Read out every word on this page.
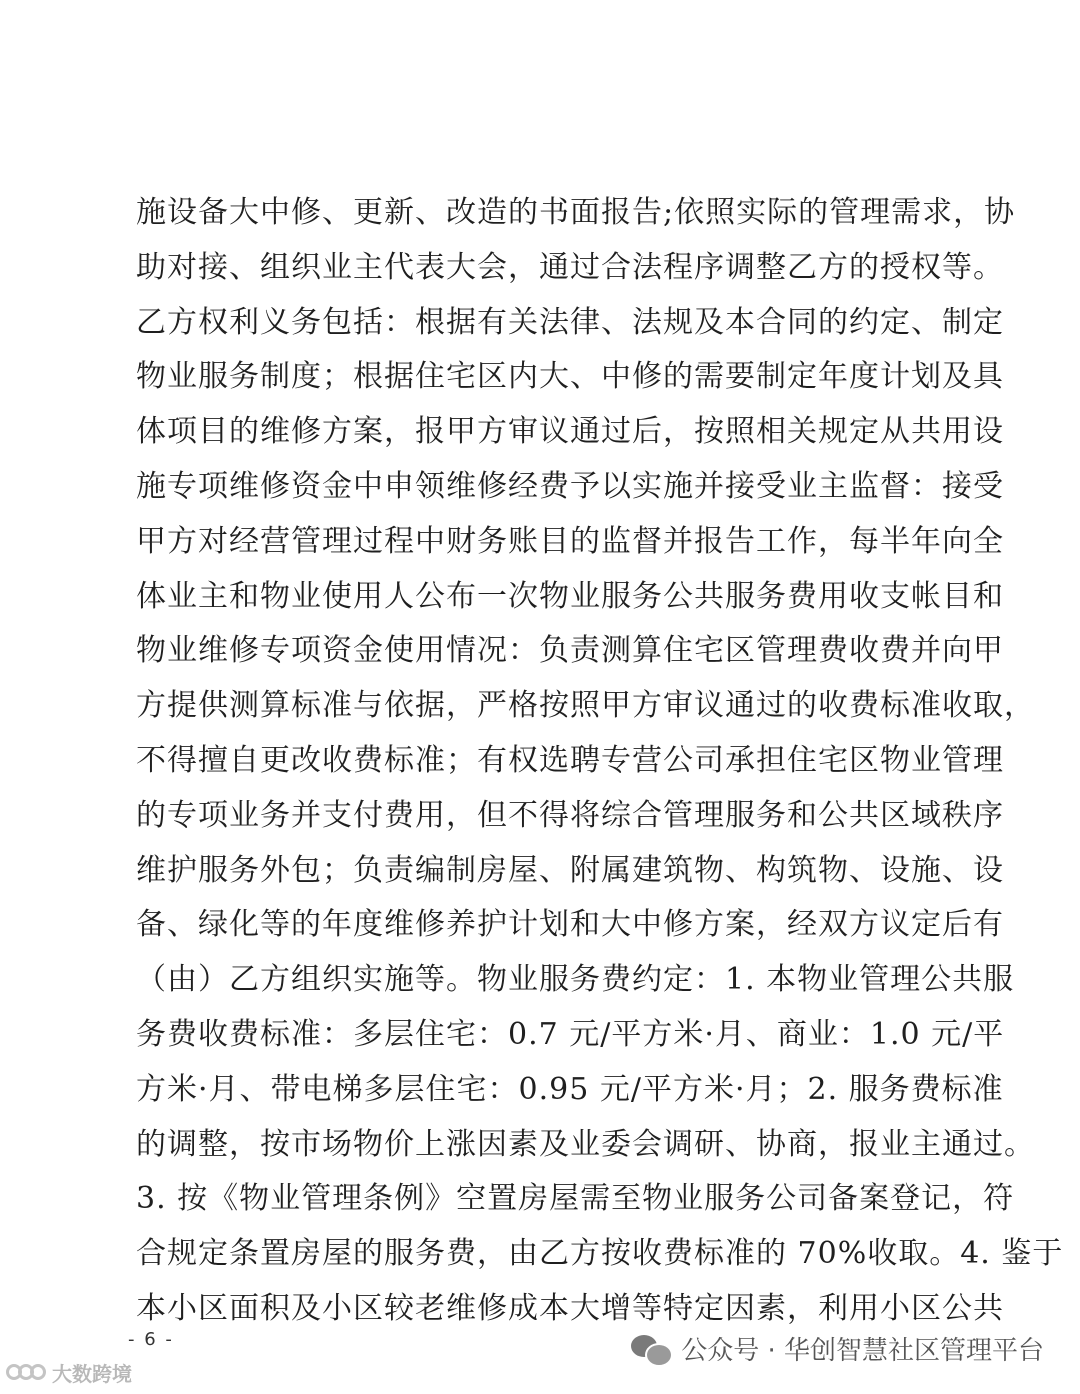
施设备大中修、更新、改造的书面报告;依照实际的管理需求，协
助对接、组织业主代表大会，通过合法程序调整乙方的授权等。
乙方权利义务包括：根据有关法律、法规及本合同的约定、制定
物业服务制度；根据住宅区内大、中修的需要制定年度计划及具
体项目的维修方案，报甲方审议通过后，按照相关规定从共用设
施专项维修资金中申领维修经费予以实施并接受业主监督：接受
甲方对经营管理过程中财务账目的监督并报告工作，每半年向全
体业主和物业使用人公布一次物业服务公共服务费用收支帐目和
物业维修专项资金使用情况：负责测算住宅区管理费收费并向甲
方提供测算标准与依据，严格按照甲方审议通过的收费标准收取，
不得擅自更改收费标准；有权选聘专营公司承担住宅区物业管理
的专项业务并支付费用，但不得将综合管理服务和公共区域秩序
维护服务外包；负责编制房屋、附属建筑物、构筑物、设施、设
备、绿化等的年度维修养护计划和大中修方案，经双方议定后有
（由）乙方组织实施等。物业服务费约定：1. 本物业管理公共服
务费收费标准：多层住宅：0.7 元/平方米·月、商业：1.0 元/平
方米·月、带电梯多层住宅：0.95 元/平方米·月；2. 服务费标准
的调整，按市场物价上涨因素及业委会调研、协商，报业主通过。
3. 按《物业管理条例》空置房屋需至物业服务公司备案登记，符
合规定条置房屋的服务费，由乙方按收费标准的 70%收取。4. 鉴于
本小区面积及小区较老维修成本大增等特定因素，利用小区公共
- 6 -	公众号 · 华创智慧社区管理平台
大数跨境
